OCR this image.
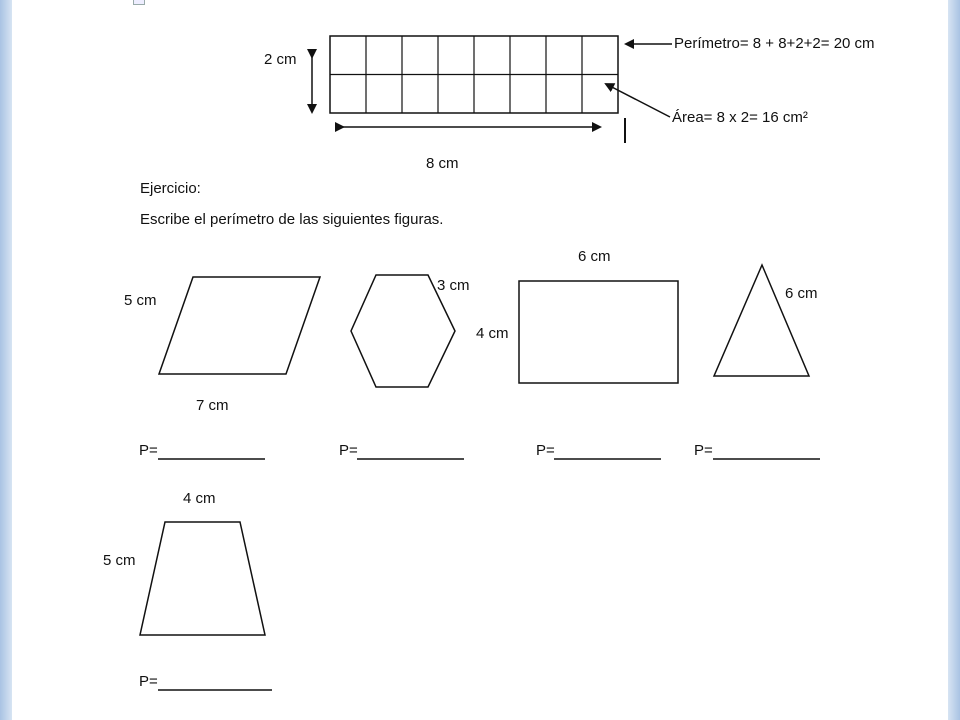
2 cm
8 cm
Perímetro= 8 + 8+2+2= 20 cm
Área= 8 x 2= 16 cm²
Ejercicio:
Escribe el perímetro de las siguientes figuras.
5 cm
7 cm
P=
3 cm
P=
6 cm
4 cm
P=
6 cm
P=
4 cm
5 cm
P=
